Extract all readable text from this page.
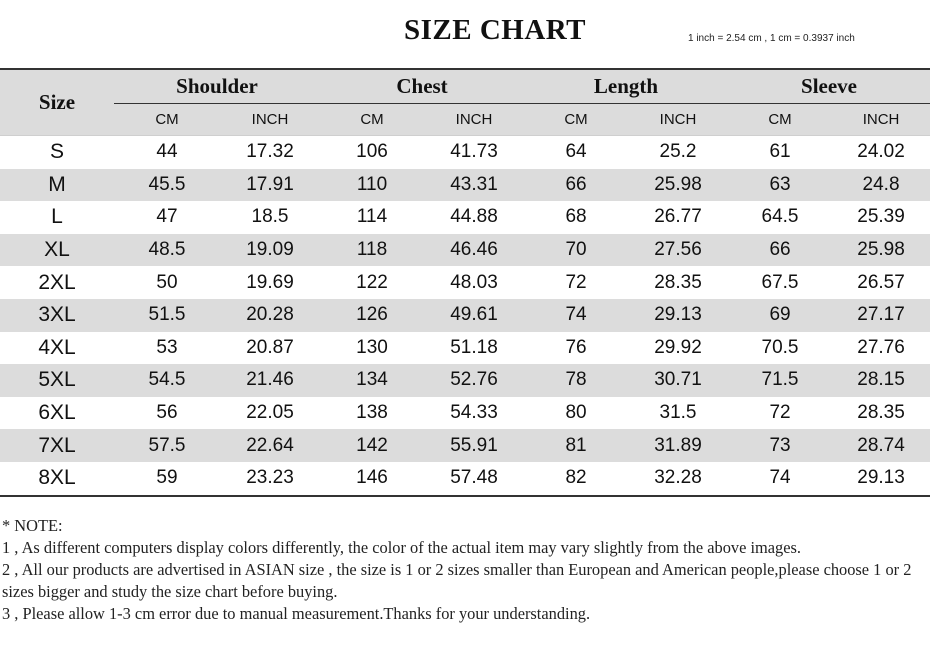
SIZE CHART	1 inch = 2.54 cm , 1 cm = 0.3937 inch
Size	Shoulder		Chest		Length		Sleeve	
	CM	INCH	CM	INCH	CM	INCH	CM	INCH
S	44	17.32	106	41.73	64	25.2	61	24.02
M	45.5	17.91	110	43.31	66	25.98	63	24.8
L	47	18.5	114	44.88	68	26.77	64.5	25.39
XL	48.5	19.09	118	46.46	70	27.56	66	25.98
2XL	50	19.69	122	48.03	72	28.35	67.5	26.57
3XL	51.5	20.28	126	49.61	74	29.13	69	27.17
4XL	53	20.87	130	51.18	76	29.92	70.5	27.76
5XL	54.5	21.46	134	52.76	78	30.71	71.5	28.15
6XL	56	22.05	138	54.33	80	31.5	72	28.35
7XL	57.5	22.64	142	55.91	81	31.89	73	28.74
8XL	59	23.23	146	57.48	82	32.28	74	29.13

* NOTE:

1 , As different computers display colors differently, the color of the actual item may vary slightly from the above images.

2 , All our products are advertised in ASIAN size , the size is 1 or 2 sizes smaller than European and American people,please choose 1 or 2 sizes bigger and study the size chart before buying.

3 , Please allow 1-3 cm error due to manual measurement.Thanks for your understanding.
